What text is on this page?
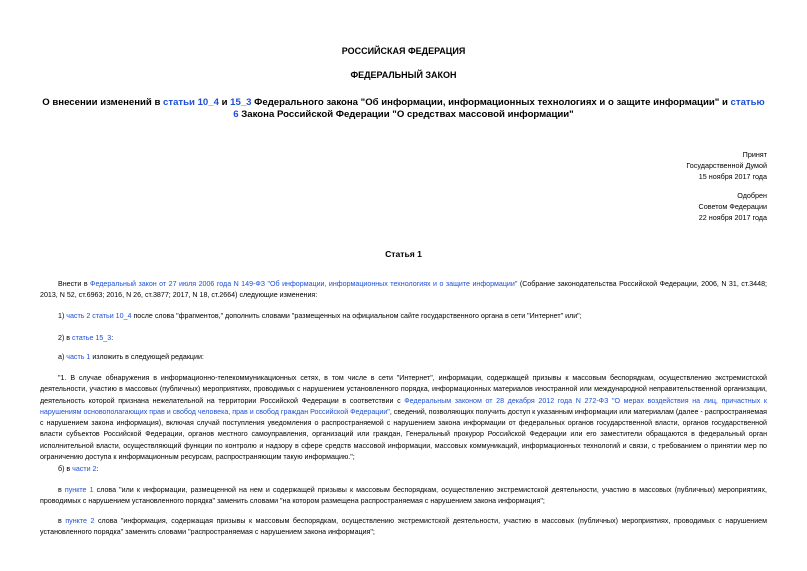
РОССИЙСКАЯ ФЕДЕРАЦИЯ
ФЕДЕРАЛЬНЫЙ ЗАКОН
О внесении изменений в статьи 10_4 и 15_3 Федерального закона "Об информации, информационных технологиях и о защите информации" и статью 6 Закона Российской Федерации "О средствах массовой информации"
Принят
Государственной Думой
15 ноября 2017 года
Одобрен
Советом Федерации
22 ноября 2017 года
Статья 1
Внести в Федеральный закон от 27 июля 2006 года N 149-ФЗ "Об информации, информационных технологиях и о защите информации" (Собрание законодательства Российской Федерации, 2006, N 31, ст.3448; 2013, N 52, ст.6963; 2016, N 26, ст.3877; 2017, N 18, ст.2664) следующие изменения:
1) часть 2 статьи 10_4 после слова "фрагментов," дополнить словами "размещенных на официальном сайте государственного органа в сети "Интернет" или";
2) в статье 15_3:
а) часть 1 изложить в следующей редакции:
"1. В случае обнаружения в информационно-телекоммуникационных сетях, в том числе в сети "Интернет", информации, содержащей призывы к массовым беспорядкам, осуществлению экстремистской деятельности, участию в массовых (публичных) мероприятиях, проводимых с нарушением установленного порядка, информационных материалов иностранной или международной неправительственной организации, деятельность которой признана нежелательной на территории Российской Федерации в соответствии с Федеральным законом от 28 декабря 2012 года N 272-ФЗ "О мерах воздействия на лиц, причастных к нарушениям основополагающих прав и свобод человека, прав и свобод граждан Российской Федерации", сведений, позволяющих получить доступ к указанным информации или материалам (далее - распространяемая с нарушением закона информация), включая случай поступления уведомления о распространяемой с нарушением закона информации от федеральных органов государственной власти, органов государственной власти субъектов Российской Федерации, органов местного самоуправления, организаций или граждан, Генеральный прокурор Российской Федерации или его заместители обращаются в федеральный орган исполнительной власти, осуществляющий функции по контролю и надзору в сфере средств массовой информации, массовых коммуникаций, информационных технологий и связи, с требованием о принятии мер по ограничению доступа к информационным ресурсам, распространяющим такую информацию.";
б) в части 2:
в пункте 1 слова "или к информации, размещенной на нем и содержащей призывы к массовым беспорядкам, осуществлению экстремистской деятельности, участию в массовых (публичных) мероприятиях, проводимых с нарушением установленного порядка" заменить словами "на котором размещена распространяемая с нарушением закона информация";
в пункте 2 слова "информация, содержащая призывы к массовым беспорядкам, осуществлению экстремистской деятельности, участию в массовых (публичных) мероприятиях, проводимых с нарушением установленного порядка" заменить словами "распространяемая с нарушением закона информация";
